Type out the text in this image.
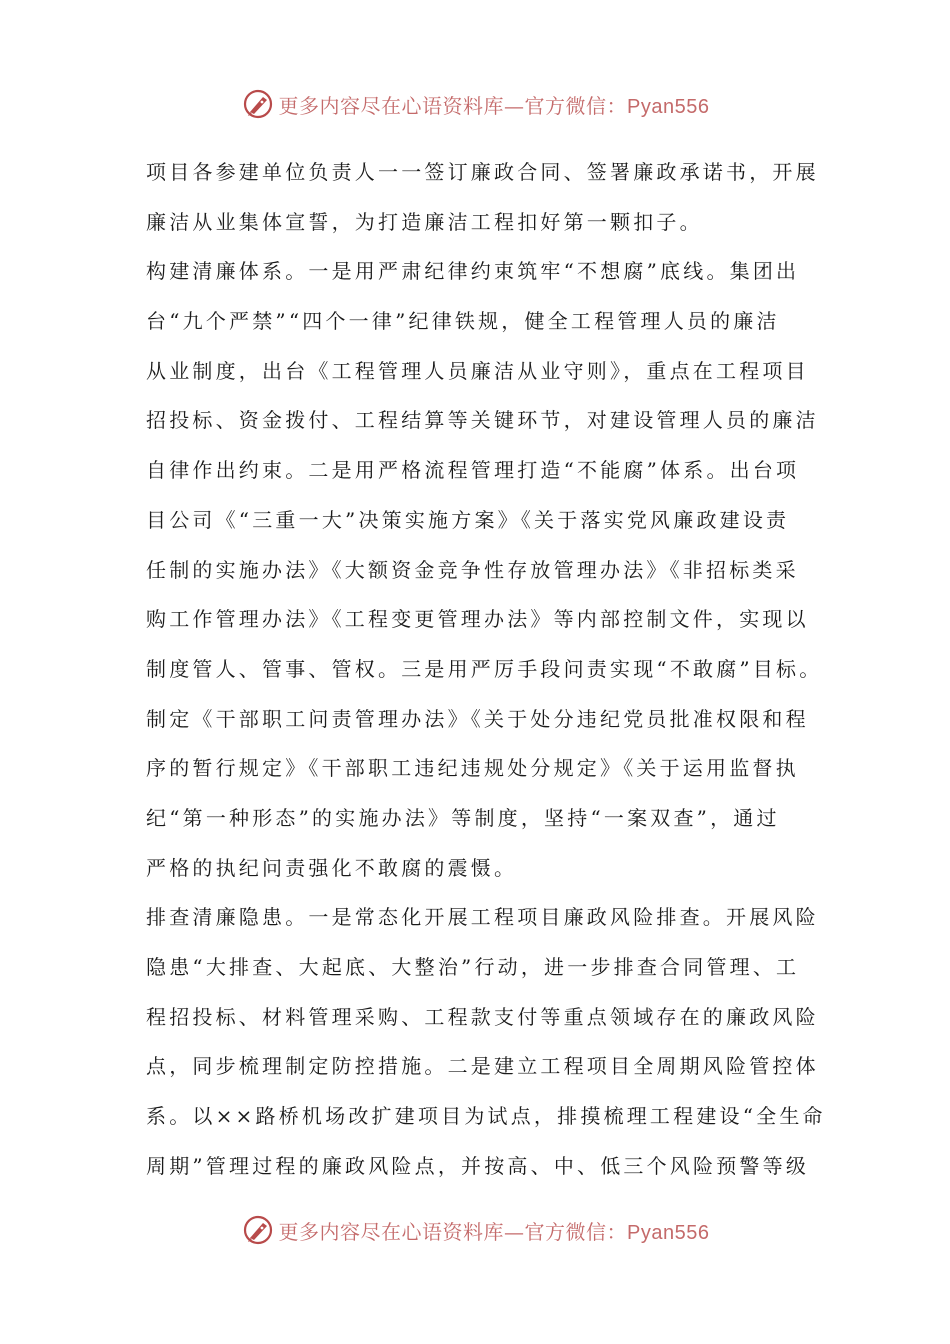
更多内容尽在心语资料库—官方微信：Pyan556
项目各参建单位负责人一一签订廉政合同、签署廉政承诺书，开展
廉洁从业集体宣誓，为打造廉洁工程扣好第一颗扣子。
构建清廉体系。一是用严肃纪律约束筑牢“不想腐”底线。集团出
台“九个严禁”“四个一律”纪律铁规，健全工程管理人员的廉洁
从业制度，出台《工程管理人员廉洁从业守则》，重点在工程项目
招投标、资金拨付、工程结算等关键环节，对建设管理人员的廉洁
自律作出约束。二是用严格流程管理打造“不能腐”体系。出台项
目公司《“三重一大”决策实施方案》《关于落实党风廉政建设责
任制的实施办法》《大额资金竞争性存放管理办法》《非招标类采
购工作管理办法》《工程变更管理办法》等内部控制文件，实现以
制度管人、管事、管权。三是用严厉手段问责实现“不敢腐”目标。
制定《干部职工问责管理办法》《关于处分违纪党员批准权限和程
序的暂行规定》《干部职工违纪违规处分规定》《关于运用监督执
纪“第一种形态”的实施办法》等制度，坚持“一案双查”，通过
严格的执纪问责强化不敢腐的震慑。
排查清廉隐患。一是常态化开展工程项目廉政风险排查。开展风险
隐患“大排查、大起底、大整治”行动，进一步排查合同管理、工
程招投标、材料管理采购、工程款支付等重点领域存在的廉政风险
点，同步梳理制定防控措施。二是建立工程项目全周期风险管控体
系。以××路桥机场改扩建项目为试点，排摸梳理工程建设“全生命
周期”管理过程的廉政风险点，并按高、中、低三个风险预警等级
更多内容尽在心语资料库—官方微信：Pyan556
